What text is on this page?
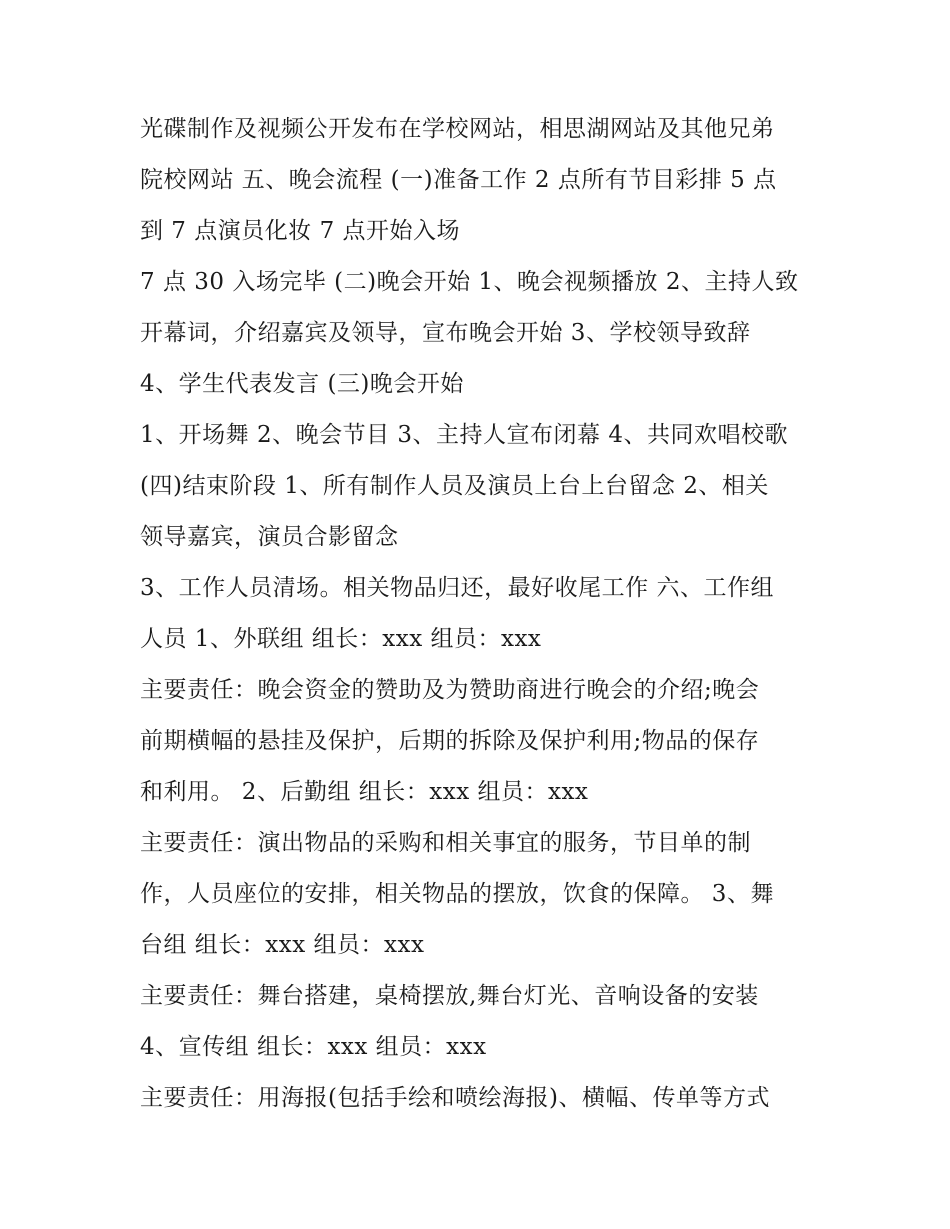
光碟制作及视频公开发布在学校网站，相思湖网站及其他兄弟
院校网站 五、晚会流程 (一)准备工作 2 点所有节目彩排 5 点
到 7 点演员化妆 7 点开始入场
7 点 30 入场完毕 (二)晚会开始 1、晚会视频播放 2、主持人致
开幕词，介绍嘉宾及领导，宣布晚会开始 3、学校领导致辞
4、学生代表发言 (三)晚会开始
1、开场舞 2、晚会节目 3、主持人宣布闭幕 4、共同欢唱校歌
(四)结束阶段 1、所有制作人员及演员上台上台留念 2、相关
领导嘉宾，演员合影留念
3、工作人员清场。相关物品归还，最好收尾工作 六、工作组
人员 1、外联组 组长：xxx 组员：xxx
主要责任：晚会资金的赞助及为赞助商进行晚会的介绍;晚会
前期横幅的悬挂及保护，后期的拆除及保护利用;物品的保存
和利用。 2、后勤组 组长：xxx 组员：xxx
主要责任：演出物品的采购和相关事宜的服务，节目单的制
作，人员座位的安排，相关物品的摆放，饮食的保障。 3、舞
台组 组长：xxx 组员：xxx
主要责任：舞台搭建，桌椅摆放,舞台灯光、音响设备的安装
4、宣传组 组长：xxx 组员：xxx
主要责任：用海报(包括手绘和喷绘海报)、横幅、传单等方式
